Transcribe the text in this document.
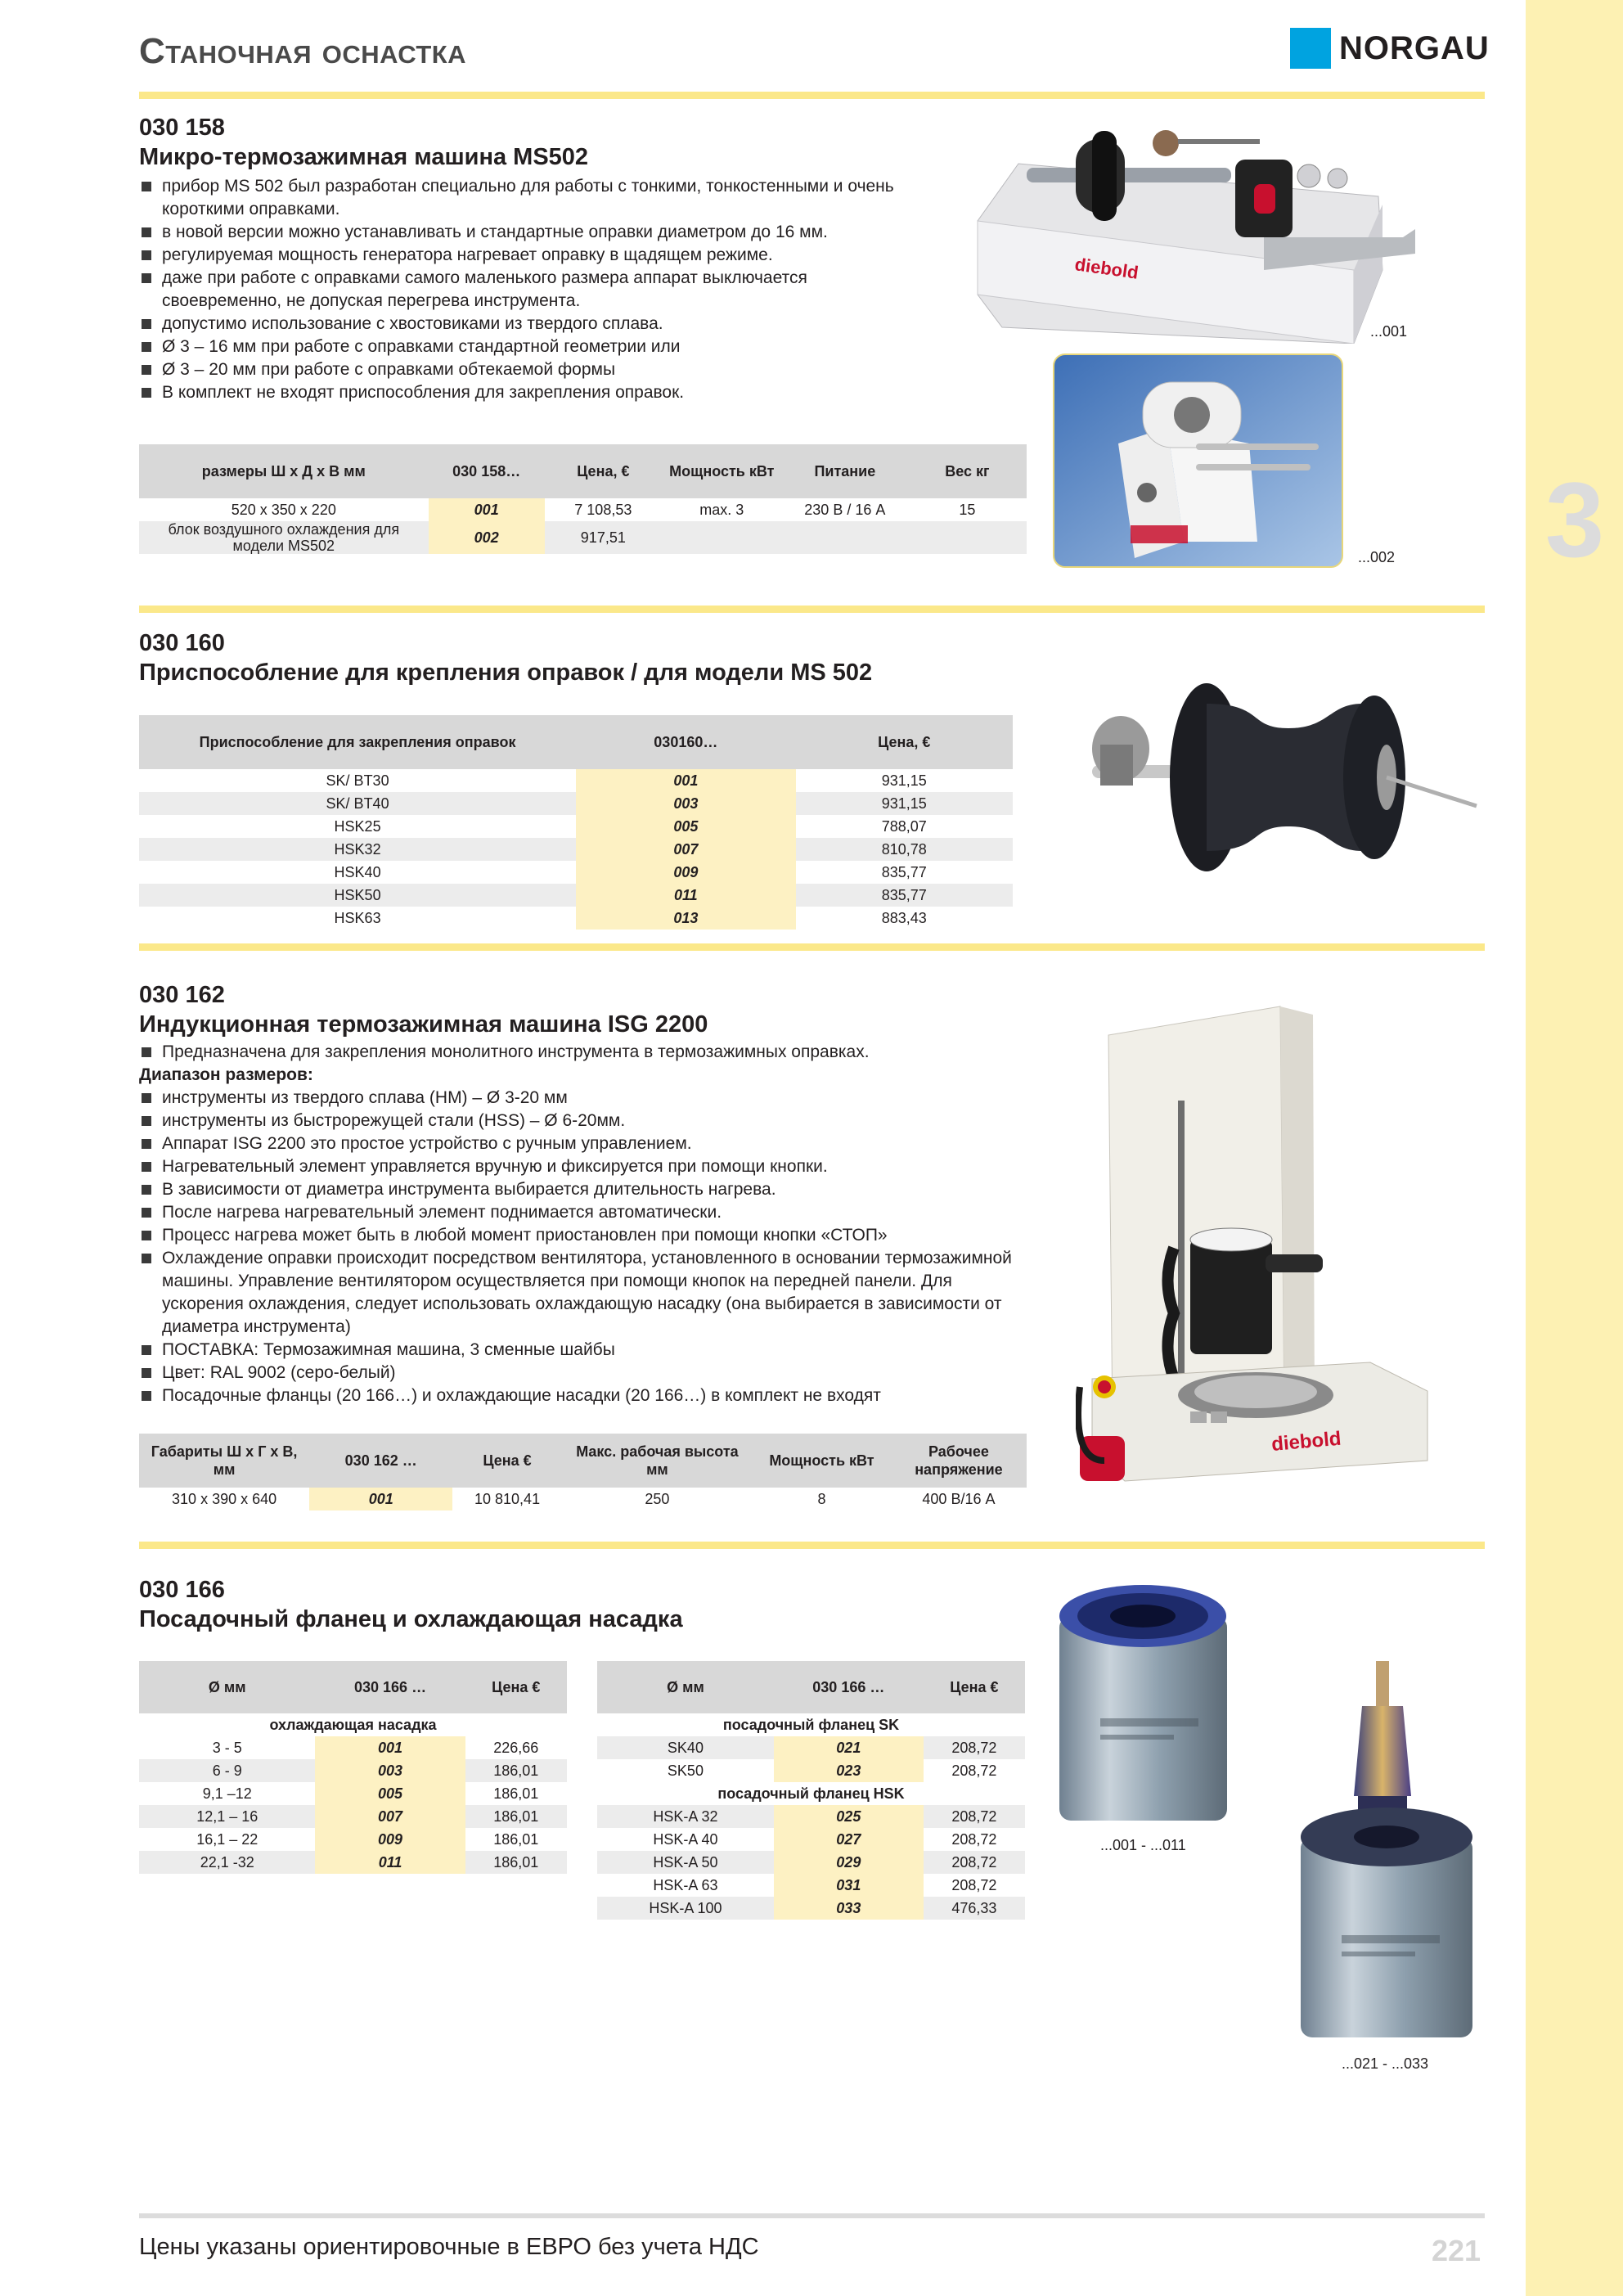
3
Станочная оснастка	NORGAU
030 158
Микро-термозажимная машина MS502
прибор MS 502 был разработан специально для работы с тонкими, тонкостенными и очень короткими оправками.
в новой версии можно устанавливать и стандартные оправки диаметром до 16 мм.
регулируемая мощность генератора нагревает оправку в щадящем режиме.
даже при работе с оправками самого маленького размера аппарат выключается своевременно, не допуская перегрева инструмента.
допустимо использование с хвостовиками из твердого сплава.
Ø 3 – 16 мм при работе с оправками стандартной геометрии или
Ø 3 – 20 мм при работе с оправками обтекаемой формы
В комплект не входят приспособления для закрепления оправок.
размеры Ш х Д х В мм	030 158…	Цена, €	Мощность кВт	Питание	Вес кг
520 x 350 x 220	001	7 108,53	max. 3	230 В / 16 А	15
блок воздушного охлаждения для модели MS502	002	917,51			
diebold
...001
...002
030 160
Приспособление для крепления оправок / для модели MS 502
Приспособление для закрепления оправок	030160…	Цена, €
SK/ BT30	001	931,15
SK/ BT40	003	931,15
HSK25	005	788,07
HSK32	007	810,78
HSK40	009	835,77
HSK50	011	835,77
HSK63	013	883,43
030 162
Индукционная термозажимная машина ISG 2200
Предназначена для закрепления монолитного инструмента в термозажимных оправках.
Диапазон размеров:
инструменты из твердого сплава (HM) – Ø 3-20 мм
инструменты из быстрорежущей стали (HSS) – Ø 6-20мм.
Аппарат ISG 2200 это простое устройство с ручным управлением.
Нагревательный элемент управляется вручную и фиксируется при помощи кнопки.
В зависимости от диаметра инструмента выбирается длительность нагрева.
После нагрева нагревательный элемент поднимается автоматически.
Процесс нагрева может быть в любой момент приостановлен при помощи кнопки «СТОП»
Охлаждение оправки происходит посредством вентилятора, установленного в основании термозажимной машины. Управление вентилятором осуществляется при помощи кнопок на передней панели. Для ускорения охлаждения, следует использовать охлаждающую насадку (она выбирается в зависимости от диаметра инструмента)
ПОСТАВКА: Термозажимная машина, 3 сменные шайбы
Цвет: RAL 9002 (серо-белый)
Посадочные фланцы (20 166…) и охлаждающие насадки (20 166…) в комплект не входят
Габариты Ш х Г х В, мм	030 162 …	Цена €	Макс. рабочая высота мм	Мощность кВт	Рабочее напряжение
310 x 390 x 640	001	10 810,41	250	8	400 В/16 А
diebold
030 166
Посадочный фланец и охлаждающая насадка
Ø мм	030 166 …	Цена €
охлаждающая насадка		
3 - 5	001	226,66
6 - 9	003	186,01
9,1 –12	005	186,01
12,1 – 16	007	186,01
16,1 – 22	009	186,01
22,1 -32	011	186,01
Ø мм	030 166 …	Цена €
посадочный фланец SK		
SK40	021	208,72
SK50	023	208,72
посадочный фланец HSK		
HSK-A 32	025	208,72
HSK-A 40	027	208,72
HSK-A 50	029	208,72
HSK-A 63	031	208,72
HSK-A 100	033	476,33
...001 - ...011
...021 - ...033
Цены указаны ориентировочные в ЕВРО без учета НДС	221
